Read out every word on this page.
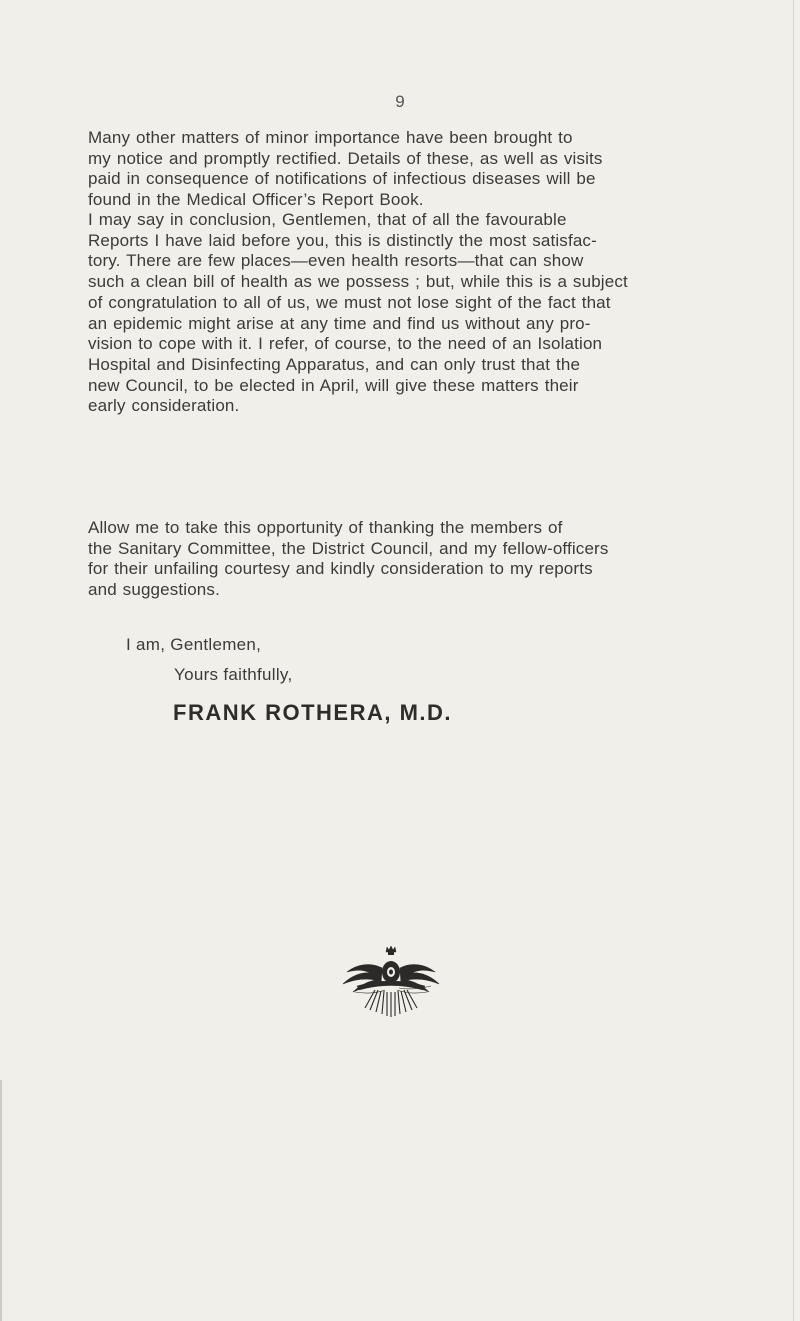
9

Many other matters of minor importance have been brought to
my notice and promptly rectified. Details of these, as well as visits
paid in consequence of notifications of infectious diseases will be
found in the Medical Officer’s Report Book.

I may say in conclusion, Gentlemen, that of all the favourable
Reports I have laid before you, this is distinctly the most satisfac-
tory. There are few places—even health resorts—that can show
such a clean bill of health as we possess ; but, while this is a subject
of congratulation to all of us, we must not lose sight of the fact that
an epidemic might arise at any time and find us without any pro-
vision to cope with it. I refer, of course, to the need of an Isolation
Hospital and Disinfecting Apparatus, and can only trust that the
new Council, to be elected in April, will give these matters their
early consideration.

Allow me to take this opportunity of thanking the members of
the Sanitary Committee, the District Council, and my fellow-officers
for their unfailing courtesy and kindly consideration to my reports
and suggestions.

I am, Gentlemen,

Yours faithfully,

FRANK ROTHERA, M.D.
